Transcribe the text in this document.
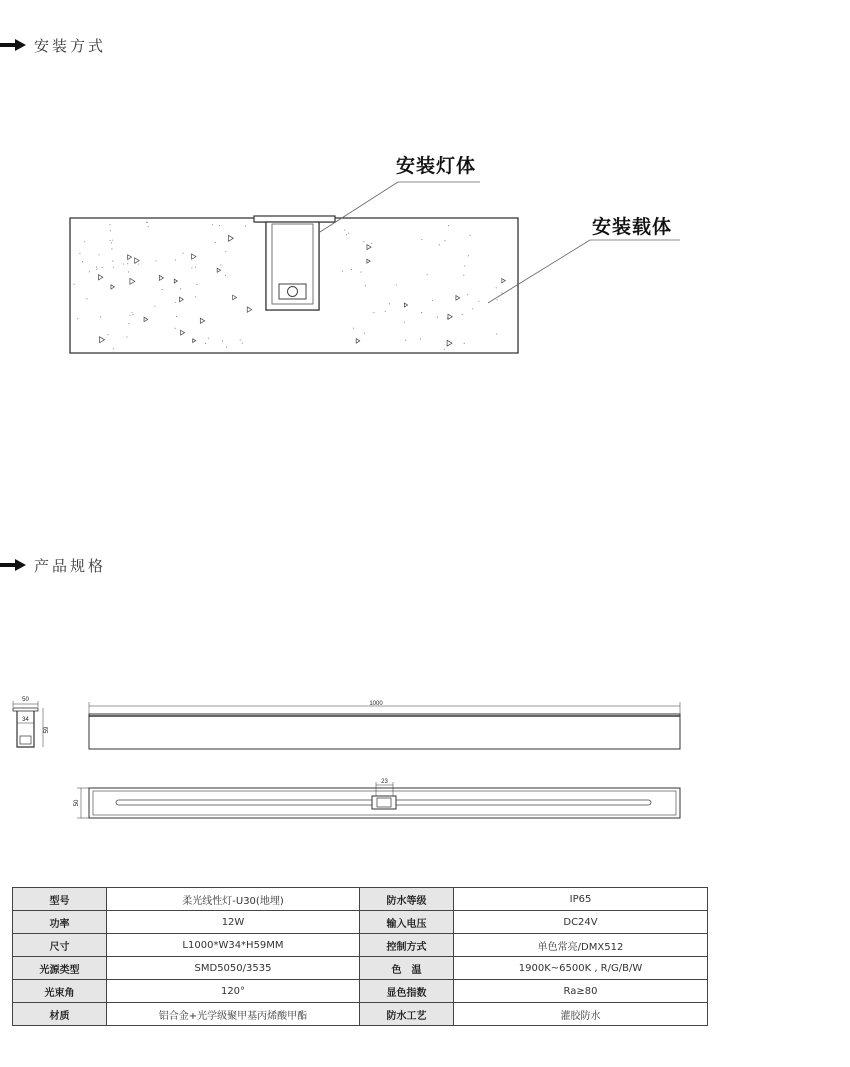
安装方式
安装灯体
安装载体
产品规格
50
34
59
1000
50
23
型号	柔光线性灯-U30(地埋)	防水等级	IP65
功率	12W	输入电压	DC24V
尺寸	L1000*W34*H59MM	控制方式	单色常亮/DMX512
光源类型	SMD5050/3535	色　温	1900K~6500K , R/G/B/W
光束角	120°	显色指数	Ra≥80
材质	铝合金+光学级聚甲基丙烯酸甲酯	防水工艺	灌胶防水
